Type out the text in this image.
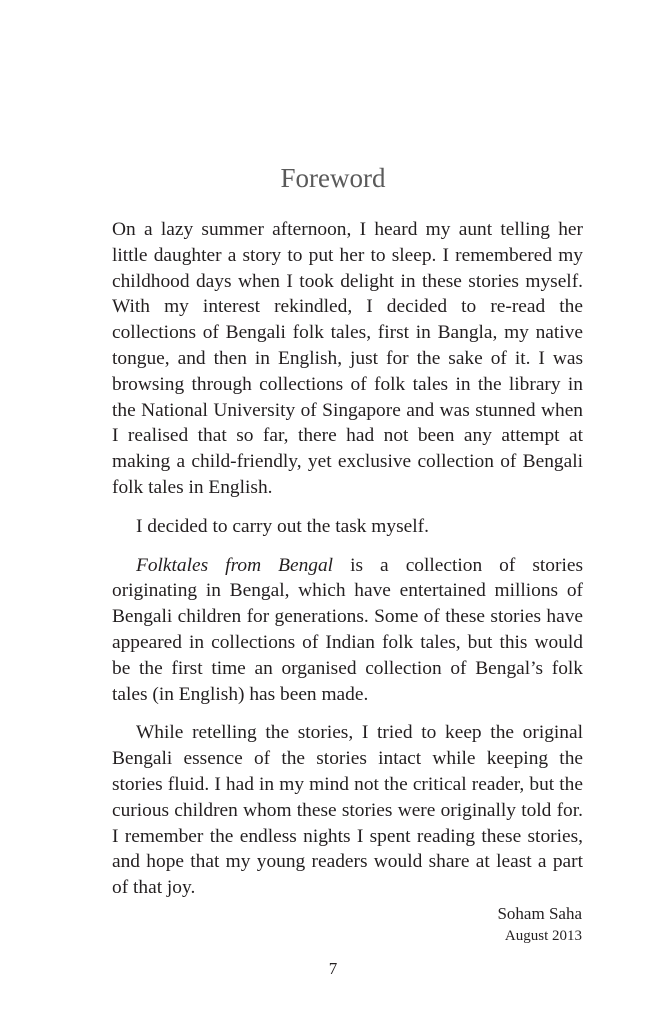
Foreword

On a lazy summer afternoon, I heard my aunt telling her little daughter a story to put her to sleep. I remembered my childhood days when I took delight in these stories myself. With my interest rekindled, I decided to re-read the collections of Bengali folk tales, first in Bangla, my native tongue, and then in English, just for the sake of it. I was browsing through collections of folk tales in the library in the National University of Singapore and was stunned when I realised that so far, there had not been any attempt at making a child-friendly, yet exclusive collection of Bengali folk tales in English.

I decided to carry out the task myself.

Folktales from Bengal is a collection of stories originating in Bengal, which have entertained millions of Bengali children for generations. Some of these stories have appeared in collections of Indian folk tales, but this would be the first time an organised collection of Bengal’s folk tales (in English) has been made.

While retelling the stories, I tried to keep the original Bengali essence of the stories intact while keeping the stories fluid. I had in my mind not the critical reader, but the curious children whom these stories were originally told for. I remember the endless nights I spent reading these stories, and hope that my young readers would share at least a part of that joy.

Soham Saha
August 2013
7
